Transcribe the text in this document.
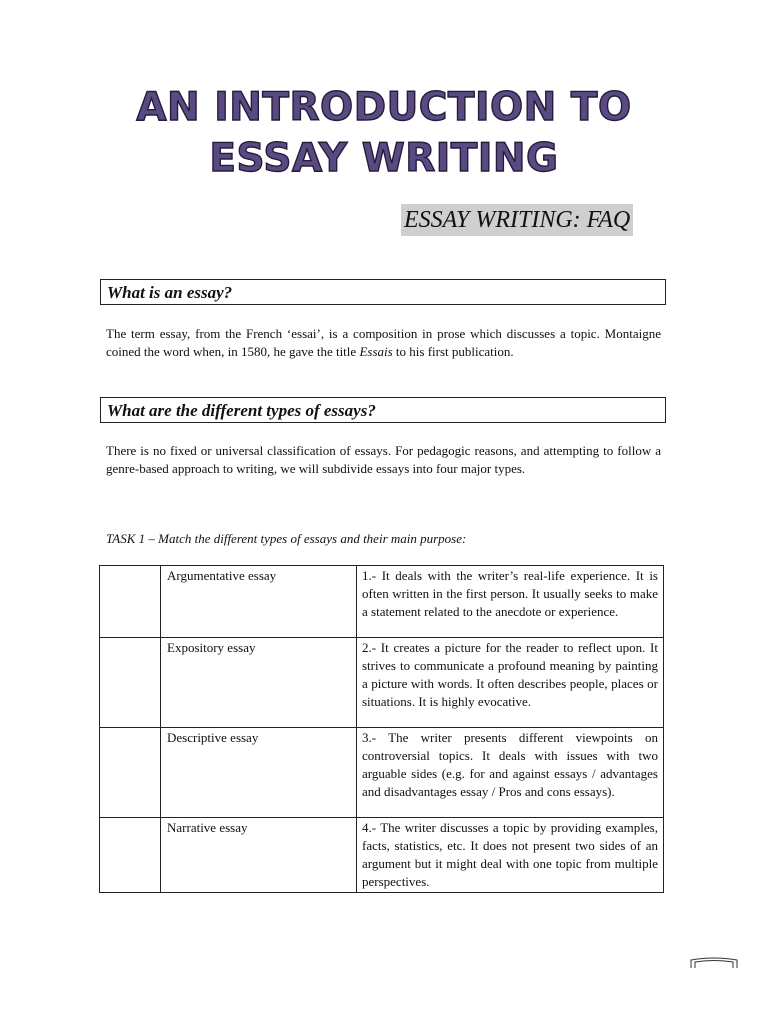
AN INTRODUCTION TO
ESSAY WRITING
ESSAY WRITING: FAQ
What is an essay?
The term essay, from the French ‘essai’, is a composition in prose which discusses a topic. Montaigne coined the word when, in 1580, he gave the title Essais to his first publication.
What are the different types of essays?
There is no fixed or universal classification of essays. For pedagogic reasons, and attempting to follow a genre-based approach to writing, we will subdivide essays into four major types.
TASK 1 – Match the different types of essays and their main purpose:
	Argumentative essay	1.- It deals with the writer’s real-life experience. It is often written in the first person. It usually seeks to make a statement related to the anecdote or experience.
	Expository essay	2.- It creates a picture for the reader to reflect upon. It strives to communicate a profound meaning by painting a picture with words. It often describes people, places or situations. It is highly evocative.
	Descriptive essay	3.- The writer presents different viewpoints on controversial topics. It deals with issues with two arguable sides (e.g. for and against essays / advantages and disadvantages essay / Pros and cons essays).
	Narrative essay	4.- The writer discusses a topic by providing examples, facts, statistics, etc. It does not present two sides of an argument but it might deal with one topic from multiple perspectives.
